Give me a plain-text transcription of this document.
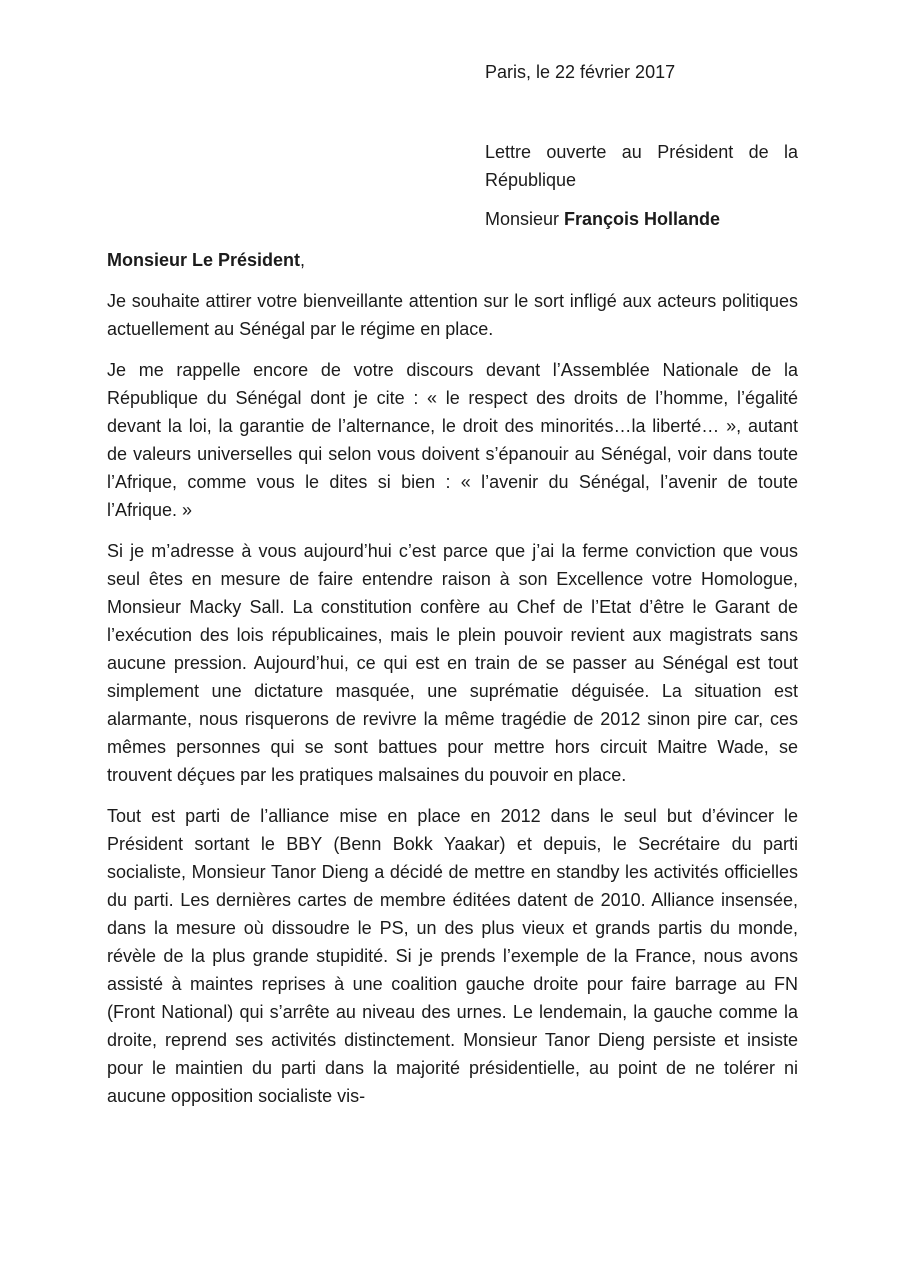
Paris, le 22 février 2017

Lettre ouverte au Président de la République

Monsieur François Hollande

Monsieur Le Président,

Je souhaite attirer votre bienveillante attention sur le sort infligé aux acteurs politiques actuellement au Sénégal par le régime en place.

Je me rappelle encore de votre discours devant l’Assemblée Nationale de la République du Sénégal dont je cite : « le respect des droits de l’homme, l’égalité devant la loi, la garantie de l’alternance, le droit des minorités…la liberté… », autant de valeurs universelles qui selon vous doivent s’épanouir au Sénégal, voir dans toute l’Afrique, comme vous le dites si bien : « l’avenir du Sénégal, l’avenir de toute l’Afrique. »

Si je m’adresse à vous aujourd’hui c’est parce que j’ai la ferme conviction que vous seul êtes en mesure de faire entendre raison à son Excellence votre Homologue, Monsieur Macky Sall. La constitution confère au Chef de l’Etat d’être le Garant de l’exécution des lois républicaines, mais le plein pouvoir revient aux magistrats sans aucune pression. Aujourd’hui, ce qui est en train de se passer au Sénégal est tout simplement une dictature masquée, une suprématie déguisée. La situation est alarmante, nous risquerons de revivre la même tragédie de 2012 sinon pire car, ces mêmes personnes qui se sont battues pour mettre hors circuit Maitre Wade, se trouvent déçues par les pratiques malsaines du pouvoir en place.

Tout est parti de l’alliance mise en place en 2012 dans le seul but d’évincer le Président sortant le BBY (Benn Bokk Yaakar) et depuis, le Secrétaire du parti socialiste, Monsieur Tanor Dieng a décidé de mettre en standby les activités officielles du parti. Les dernières cartes de membre éditées datent de 2010. Alliance insensée, dans la mesure où dissoudre le PS, un des plus vieux et grands partis du monde, révèle de la plus grande stupidité. Si je prends l’exemple de la France, nous avons assisté à maintes reprises à une coalition gauche droite pour faire barrage au FN (Front National) qui s’arrête au niveau des urnes. Le lendemain, la gauche comme la droite, reprend ses activités distinctement. Monsieur Tanor Dieng persiste et insiste pour le maintien du parti dans la majorité présidentielle, au point de ne tolérer ni aucune opposition socialiste vis-
